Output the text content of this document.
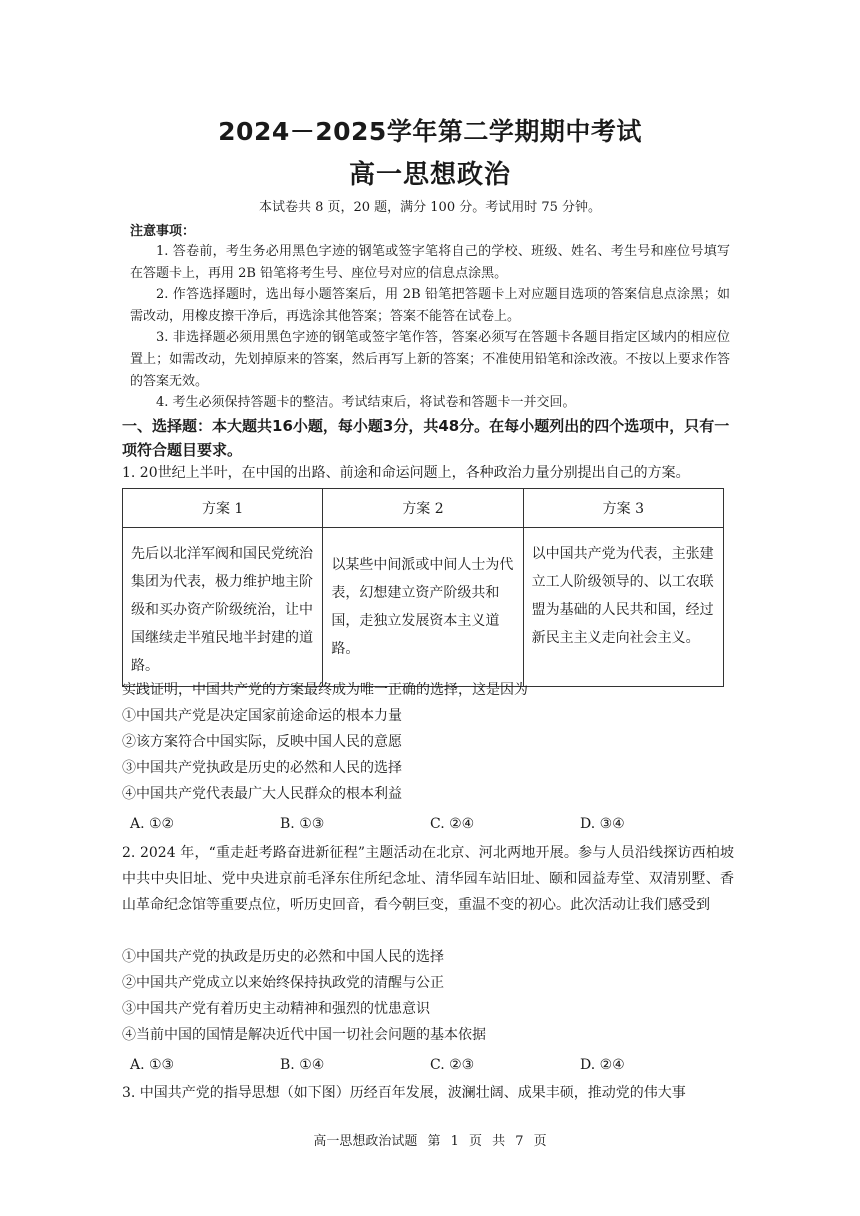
2024－2025学年第二学期期中考试
高一思想政治
本试卷共 8 页，20 题，满分 100 分。考试用时 75 分钟。
注意事项：

1. 答卷前，考生务必用黑色字迹的钢笔或签字笔将自己的学校、班级、姓名、考生号和座位号填写在答题卡上，再用 2B 铅笔将考生号、座位号对应的信息点涂黑。

2. 作答选择题时，选出每小题答案后，用 2B 铅笔把答题卡上对应题目选项的答案信息点涂黑；如需改动，用橡皮擦干净后，再选涂其他答案；答案不能答在试卷上。

3. 非选择题必须用黑色字迹的钢笔或签字笔作答，答案必须写在答题卡各题目指定区域内的相应位置上；如需改动，先划掉原来的答案，然后再写上新的答案；不准使用铅笔和涂改液。不按以上要求作答的答案无效。

4. 考生必须保持答题卡的整洁。考试结束后，将试卷和答题卡一并交回。

一、选择题：本大题共16小题，每小题3分，共48分。在每小题列出的四个选项中，只有一项符合题目要求。
1. 20世纪上半叶，在中国的出路、前途和命运问题上，各种政治力量分别提出自己的方案。
方案 1	方案 2	方案 3
先后以北洋军阀和国民党统治集团为代表，极力维护地主阶级和买办资产阶级统治，让中国继续走半殖民地半封建的道路。	以某些中间派或中间人士为代表，幻想建立资产阶级共和国，走独立发展资本主义道路。	以中国共产党为代表，主张建立工人阶级领导的、以工农联盟为基础的人民共和国，经过新民主主义走向社会主义。

实践证明，中国共产党的方案最终成为唯一正确的选择，这是因为

①中国共产党是决定国家前途命运的根本力量

②该方案符合中国实际，反映中国人民的意愿

③中国共产党执政是历史的必然和人民的选择

④中国共产党代表最广大人民群众的根本利益

A. ①②	B. ①③	C. ②④	D. ③④
2. 2024 年，“重走赶考路奋进新征程”主题活动在北京、河北两地开展。参与人员沿线探访西柏坡中共中央旧址、党中央进京前毛泽东住所纪念址、清华园车站旧址、颐和园益寿堂、双清别墅、香山革命纪念馆等重要点位，听历史回音，看今朝巨变，重温不变的初心。此次活动让我们感受到

①中国共产党的执政是历史的必然和中国人民的选择

②中国共产党成立以来始终保持执政党的清醒与公正

③中国共产党有着历史主动精神和强烈的忧患意识

④当前中国的国情是解决近代中国一切社会问题的基本依据

A. ①③	B. ①④	C. ②③	D. ②④
3. 中国共产党的指导思想（如下图）历经百年发展，波澜壮阔、成果丰硕，推动党的伟大事
高一思想政治试题 第 1 页 共 7 页
